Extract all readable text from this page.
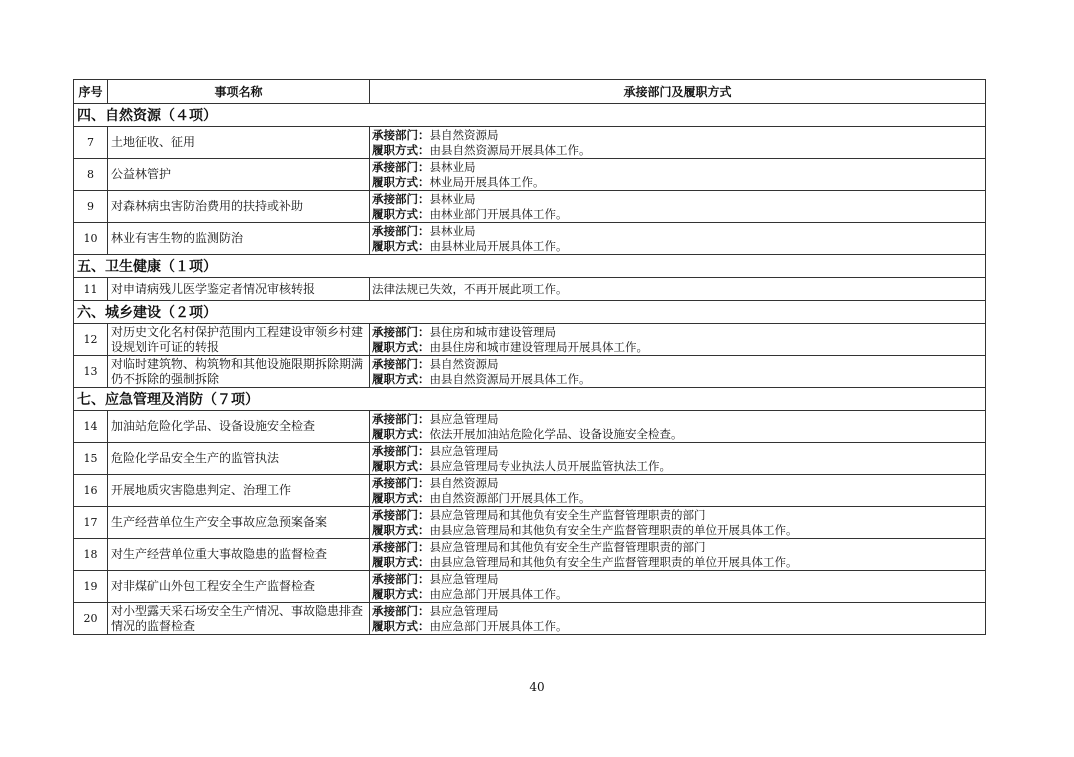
序号	事项名称	承接部门及履职方式
四、自然资源（４项）		
7	土地征收、征用	承接部门：县自然资源局
履职方式：由县自然资源局开展具体工作。

8	公益林管护	承接部门：县林业局
履职方式：林业局开展具体工作。

9	对森林病虫害防治费用的扶持或补助	承接部门：县林业局
履职方式：由林业部门开展具体工作。

10	林业有害生物的监测防治	承接部门：县林业局
履职方式：由县林业局开展具体工作。

五、卫生健康（１项）		
11	对申请病残儿医学鉴定者情况审核转报	法律法规已失效，不再开展此项工作。
六、城乡建设（２项）		
12	对历史文化名村保护范围内工程建设审领乡村建设规划许可证的转报	承接部门：县住房和城市建设管理局
履职方式：由县住房和城市建设管理局开展具体工作。

13	对临时建筑物、构筑物和其他设施限期拆除期满仍不拆除的强制拆除	承接部门：县自然资源局
履职方式：由县自然资源局开展具体工作。

七、应急管理及消防（７项）		
14	加油站危险化学品、设备设施安全检查	承接部门：县应急管理局
履职方式：依法开展加油站危险化学品、设备设施安全检查。

15	危险化学品安全生产的监管执法	承接部门：县应急管理局
履职方式：县应急管理局专业执法人员开展监管执法工作。

16	开展地质灾害隐患判定、治理工作	承接部门：县自然资源局
履职方式：由自然资源部门开展具体工作。

17	生产经营单位生产安全事故应急预案备案	承接部门：县应急管理局和其他负有安全生产监督管理职责的部门
履职方式：由县应急管理局和其他负有安全生产监督管理职责的单位开展具体工作。

18	对生产经营单位重大事故隐患的监督检查	承接部门：县应急管理局和其他负有安全生产监督管理职责的部门
履职方式：由县应急管理局和其他负有安全生产监督管理职责的单位开展具体工作。

19	对非煤矿山外包工程安全生产监督检查	承接部门：县应急管理局
履职方式：由应急部门开展具体工作。

20	对小型露天采石场安全生产情况、事故隐患排查情况的监督检查	承接部门：县应急管理局
履职方式：由应急部门开展具体工作。
40
